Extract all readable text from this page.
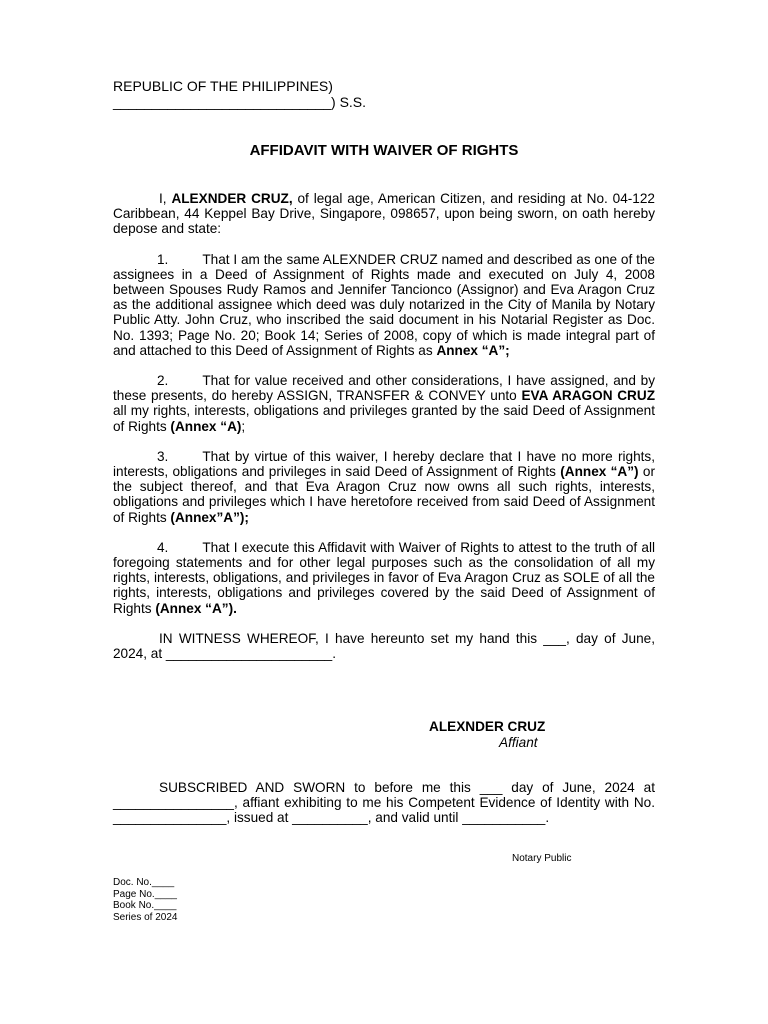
REPUBLIC OF THE PHILIPPINES)
____________________________) S.S.
AFFIDAVIT WITH WAIVER OF RIGHTS

I, ALEXNDER CRUZ, of legal age, American Citizen, and residing at No. 04-122 Caribbean, 44 Keppel Bay Drive, Singapore, 098657, upon being sworn, on oath hereby depose and state:

1.	That I am the same ALEXNDER CRUZ named and described as one of the assignees in a Deed of Assignment of Rights made and executed on July 4, 2008 between Spouses Rudy Ramos and Jennifer Tancionco (Assignor) and Eva Aragon Cruz as the additional assignee which deed was duly notarized in the City of Manila by Notary Public Atty. John Cruz, who inscribed the said document in his Notarial Register as Doc. No. 1393; Page No. 20; Book 14; Series of 2008, copy of which is made integral part of and attached to this Deed of Assignment of Rights as Annex “A”;

2.	That for value received and other considerations, I have assigned, and by these presents, do hereby ASSIGN, TRANSFER & CONVEY unto EVA ARAGON CRUZ all my rights, interests, obligations and privileges granted by the said Deed of Assignment of Rights (Annex “A);

3.	That by virtue of this waiver, I hereby declare that I have no more rights, interests, obligations and privileges in said Deed of Assignment of Rights (Annex “A”) or the subject thereof, and that Eva Aragon Cruz now owns all such rights, interests, obligations and privileges which I have heretofore received from said Deed of Assignment of Rights (Annex”A”);

4.	That I execute this Affidavit with Waiver of Rights to attest to the truth of all foregoing statements and for other legal purposes such as the consolidation of all my rights, interests, obligations, and privileges in favor of Eva Aragon Cruz as SOLE of all the rights, interests, obligations and privileges covered by the said Deed of Assignment of Rights (Annex “A”).

IN WITNESS WHEREOF, I have hereunto set my hand this ___, day of June, 2024, at ______________________.

ALEXNDER CRUZ
Affiant

SUBSCRIBED AND SWORN to before me this ___ day of June, 2024 at ________________, affiant exhibiting to me his Competent Evidence of Identity with No. _______________, issued at __________, and valid until ___________.

Notary Public
Doc. No.____
Page No.____
Book No.____
Series of 2024
